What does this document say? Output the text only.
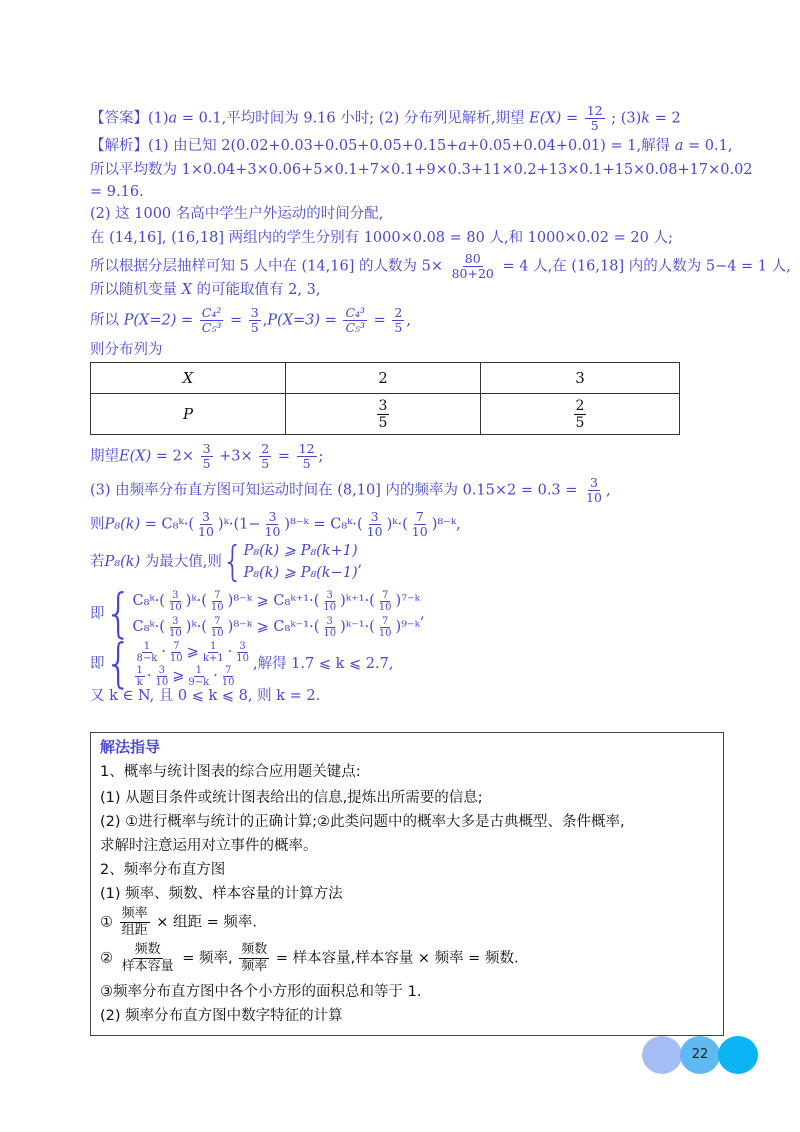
【答案】(1)a = 0.1,平均时间为 9.16 小时; (2) 分布列见解析,期望 $E(X) = \frac{12}{5}$ ; (3)k = 2
【解析】(1) 由已知 2(0.02+0.03+0.05+0.05+0.15+a+0.05+0.04+0.01) = 1,解得 a = 0.1,
所以平均数为 1×0.04+3×0.06+5×0.1+7×0.1+9×0.3+11×0.2+13×0.1+15×0.08+17×0.02
= 9.16.
(2) 这 1000 名高中学生户外运动的时间分配,
在 (14,16], (16,18] 两组内的学生分别有 1000×0.08 = 80 人,和 1000×0.02 = 20 人;
所以根据分层抽样可知 5 人中在 (14,16] 的人数为 $5\times \frac{80}{80+20} = 4$ 人,在 (16,18] 内的人数为 5−4 = 1 人,
所以随机变量 X 的可能取值有 2, 3,
所以 $P(X=2) = \frac{\text{C₄²}}{\text{C₅³}} = \frac{3}{5} ,P(X=3) = \frac{\text{C₄³}}{\text{C₅³}} = \frac{2}{5}$ ,
则分布列为
X	2	3
P	$\frac{3}{5}$	$\frac{2}{5}$
期望$E(X) = 2\times \frac{3}{5} +3\times \frac{2}{5} = \frac{12}{5}$ ;
(3) 由频率分布直方图可知运动时间在 (8,10] 内的频率为 $0.15\times 2 = 0.3 = \frac{3}{10}$ ,
则P₈(k) = C₈ᵏ·( $\frac{3}{10}$ )ᵏ·(1− $\frac{3}{10}$ )⁸⁻ᵏ = C₈ᵏ·( $\frac{3}{10}$ )ᵏ·( $\frac{7}{10}$ )⁸⁻ᵏ,
若P₈(k) 为最大值,则{ P₈(k) ⩾ P₈(k+1)
P₈(k) ⩾ P₈(k−1)
,
即{ C₈ᵏ·( $\frac{3}{10}$ )ᵏ·( $\frac{7}{10}$ )⁸⁻ᵏ ⩾ C₈ᵏ⁺¹·( $\frac{3}{10}$ )ᵏ⁺¹·( $\frac{7}{10}$ )⁷⁻ᵏ
C₈ᵏ·( $\frac{3}{10}$ )ᵏ·( $\frac{7}{10}$ )⁸⁻ᵏ ⩾ C₈ᵏ⁻¹·( $\frac{3}{10}$ )ᵏ⁻¹·( $\frac{7}{10}$ )⁹⁻ᵏ
,
即{ $\frac{1}{8-k} \cdot \frac{7}{10}$ ⩾ $\frac{1}{k+1} \cdot \frac{3}{10}$
$\frac{1}{k} \cdot \frac{3}{10}$ ⩾ $\frac{1}{9-k} \cdot \frac{7}{10}$
,解得 1.7 ⩽ k ⩽ 2.7,
又 k ∈ N, 且 0 ⩽ k ⩽ 8, 则 k = 2.
解法指导
1、概率与统计图表的综合应用题关键点:
(1) 从题目条件或统计图表给出的信息,提炼出所需要的信息;
(2) ①进行概率与统计的正确计算;②此类问题中的概率大多是古典概型、条件概率,
求解时注意运用对立事件的概率。
2、频率分布直方图
(1) 频率、频数、样本容量的计算方法
① $\frac{\text{频率}}{\text{组距}}$ × 组距 = 频率.
② $\frac{\text{频数}}{\text{样本容量}}$ = 频率, $\frac{\text{频数}}{\text{频率}}$ = 样本容量,样本容量 × 频率 = 频数.
③频率分布直方图中各个小方形的面积总和等于 1.
(2) 频率分布直方图中数字特征的计算
22
